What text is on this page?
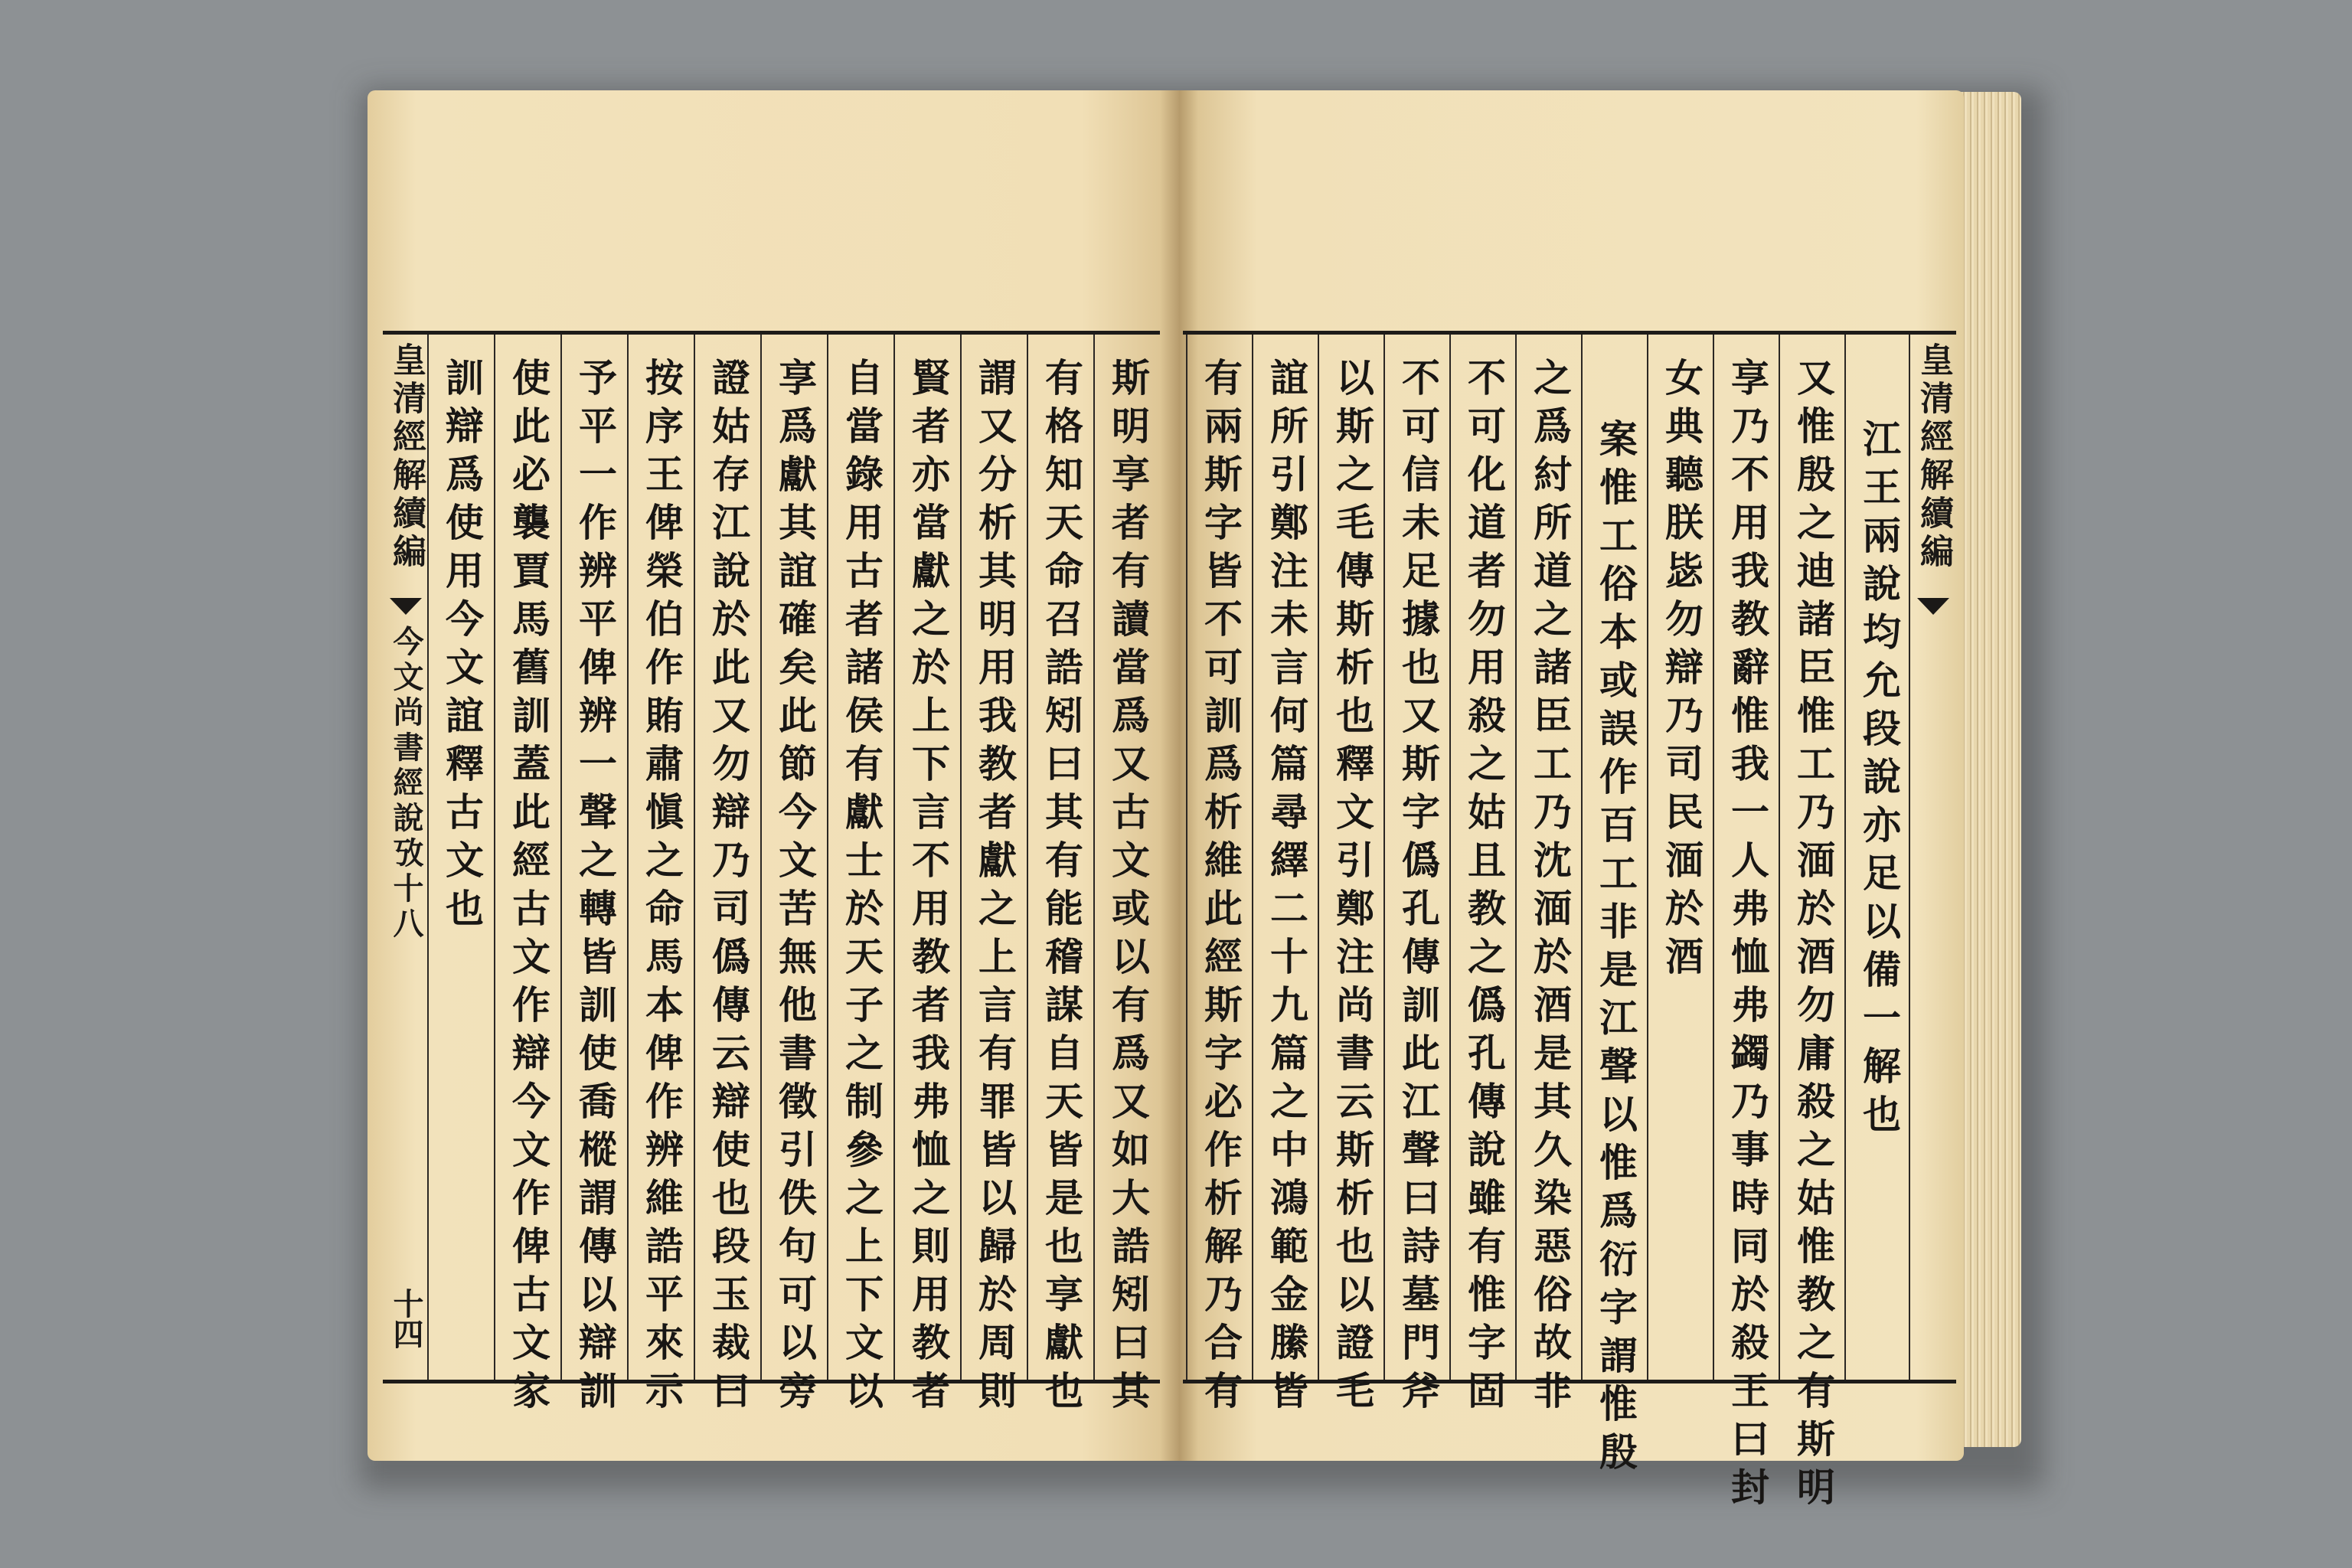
皇清經解續編
今文尚書經說攷十八
十四	斯明享者有讀當爲又古文或以有爲又如大誥矧曰其
有格知天命召誥矧曰其有能稽謀自天皆是也享獻也
謂又分析其明用我教者獻之上言有罪皆以歸於周則
賢者亦當獻之於上下言不用教者我弗恤之則用教者
自當錄用古者諸侯有獻士於天子之制參之上下文以
享爲獻其誼確矣此節今文苦無他書徵引佚句可以旁
證姑存江說於此又勿辯乃司僞傳云辯使也段玉裁曰
按序王俾榮伯作賄肅愼之命馬本俾作辨維誥平來示
予平一作辨平俾辨一聲之轉皆訓使喬樅謂傳以辯訓
使此必襲賈馬舊訓蓋此經古文作辯今文作俾古文家
訓辯爲使用今文誼釋古文也	江王兩說均允段說亦足以備一解也
又惟殷之迪諸臣惟工乃湎於酒勿庸殺之姑惟教之有斯明
享乃不用我教辭惟我一人弗恤弗蠲乃事時同於殺王曰封
女典聽朕毖勿辯乃司民湎於酒
案惟工俗本或誤作百工非是江聲以惟爲衍字謂惟殷
之爲紂所道之諸臣工乃沈湎於酒是其久染惡俗故非
不可化道者勿用殺之姑且教之僞孔傳說雖有惟字固
不可信未足據也又斯字僞孔傳訓此江聲曰詩墓門斧
以斯之毛傳斯析也釋文引鄭注尚書云斯析也以證毛
誼所引鄭注未言何篇尋繹二十九篇之中鴻範金縢皆
有兩斯字皆不可訓爲析維此經斯字必作析解乃合有	皇清經解續編
